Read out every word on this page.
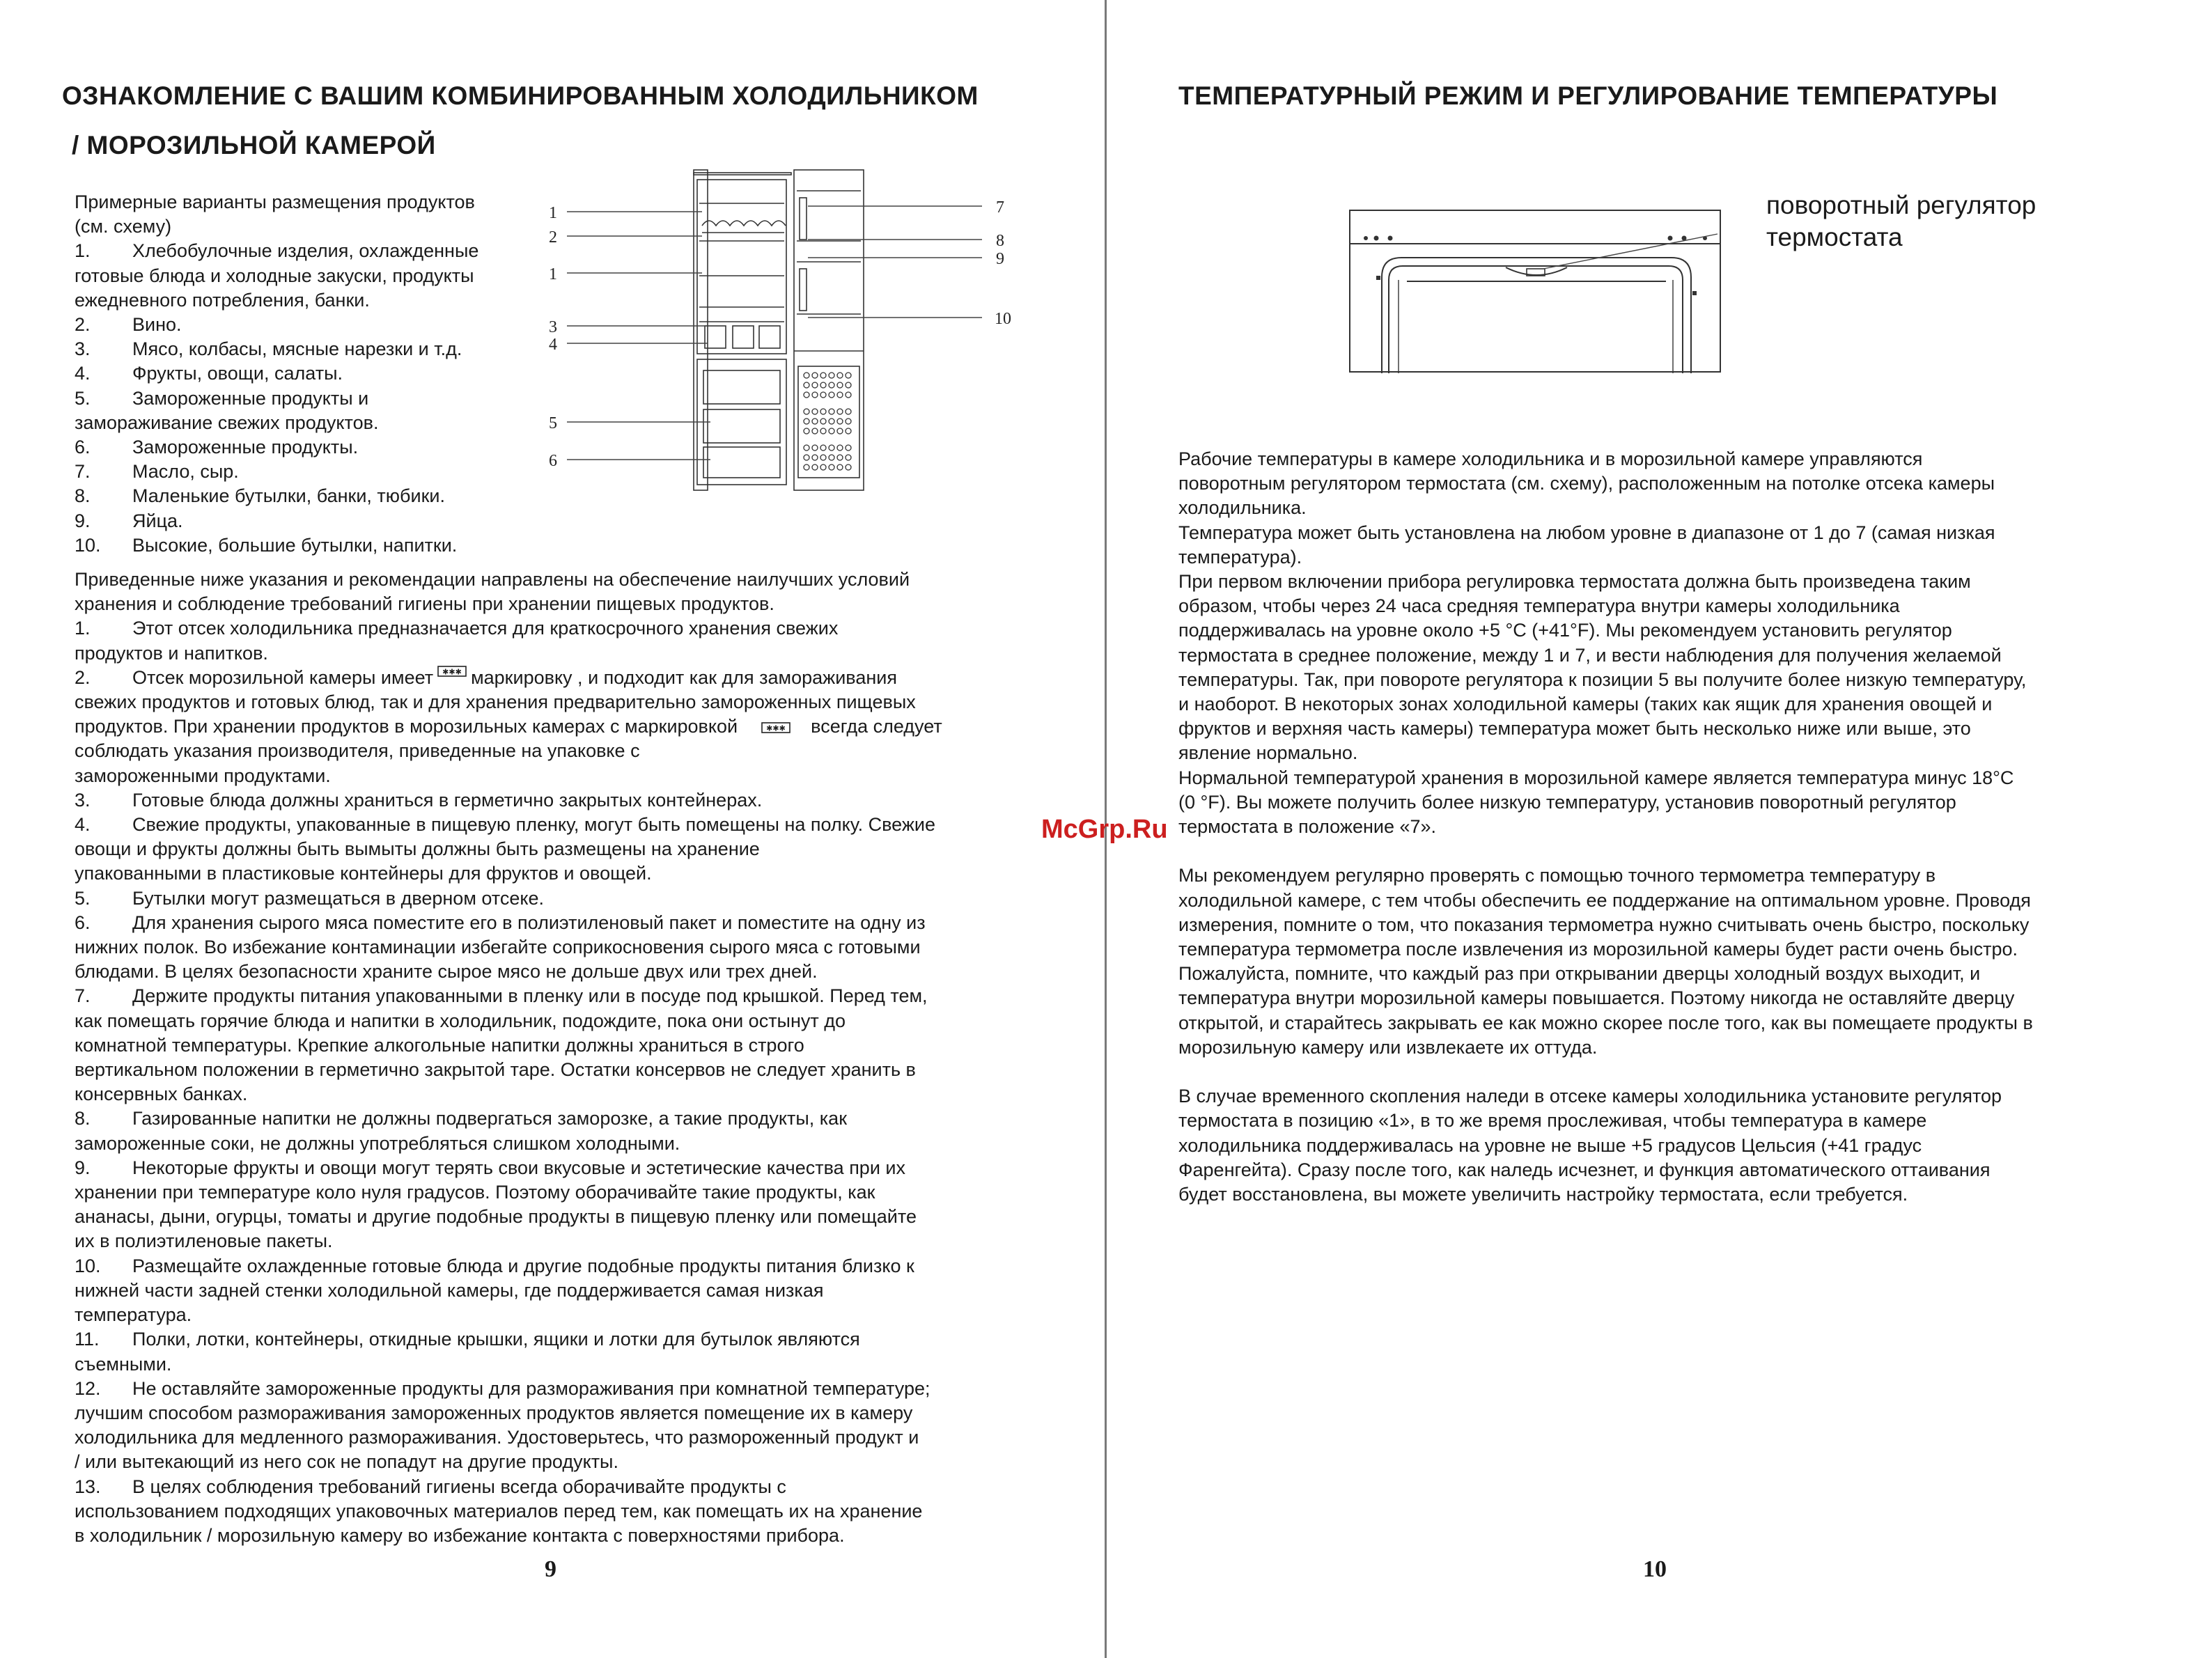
ОЗНАКОМЛЕНИЕ С ВАШИМ КОМБИНИРОВАННЫМ ХОЛОДИЛЬНИКОМ
/ МОРОЗИЛЬНОЙ КАМЕРОЙ

Примерные варианты размещения продуктов

(см. схему)

1.	Хлебобулочные изделия, охлажденные

готовые блюда и холодные закуски, продукты

ежедневного потребления, банки.

2.	Вино.
3.	Мясо, колбасы, мясные нарезки и т.д.
4.	Фрукты, овощи, салаты.
5.	Замороженные продукты и

замораживание свежих продуктов.

6.	Замороженные продукты.
7.	Масло, сыр.
8.	Маленькие бутылки, банки, тюбики.
9.	Яйца.
10.	Высокие, большие бутылки, напитки.
1
2
1
3
4
5
6
7
8
9
10

Приведенные ниже указания и рекомендации направлены на обеспечение наилучших условий

хранения и соблюдение требований гигиены при хранении пищевых продуктов.

1.	Этот отсек холодильника предназначается для краткосрочного хранения свежих

продуктов и напитков.

2.	Отсек морозильной камеры имеет ✱✱✱ маркировку , и подходит как для замораживания

свежих продуктов и готовых блюд, так и для хранения предварительно замороженных пищевых

продуктов. При хранении продуктов в морозильных камерах с маркировкой	✱✱✱ всегда следует

соблюдать указания производителя, приведенные на упаковке с

замороженными продуктами.

3.	Готовые блюда должны храниться в герметично закрытых контейнерах.
4.	Свежие продукты, упакованные в пищевую пленку, могут быть помещены на полку. Свежие

овощи и фрукты должны быть вымыты должны быть размещены на хранение

упакованными в пластиковые контейнеры для фруктов и овощей.

5.	Бутылки могут размещаться в дверном отсеке.
6.	Для хранения сырого мяса поместите его в полиэтиленовый пакет и поместите на одну из

нижних полок. Во избежание контаминации избегайте соприкосновения сырого мяса с готовыми

блюдами. В целях безопасности храните сырое мясо не дольше двух или трех дней.

7.	Держите продукты питания упакованными в пленку или в посуде под крышкой. Перед тем,

как помещать горячие блюда и напитки в холодильник, подождите, пока они остынут до

комнатной температуры. Крепкие алкогольные напитки должны храниться в строго

вертикальном положении в герметично закрытой таре. Остатки консервов не следует хранить в

консервных банках.

8.	Газированные напитки не должны подвергаться заморозке, а такие продукты, как

замороженные соки, не должны употребляться слишком холодными.

9.	Некоторые фрукты и овощи могут терять свои вкусовые и эстетические качества при их

хранении при температуре коло нуля градусов. Поэтому оборачивайте такие продукты, как

ананасы, дыни, огурцы, томаты и другие подобные продукты в пищевую пленку или помещайте

их в полиэтиленовые пакеты.

10.	Размещайте охлажденные готовые блюда и другие подобные продукты питания близко к

нижней части задней стенки холодильной камеры, где поддерживается самая низкая

температура.

11.	Полки, лотки, контейнеры, откидные крышки, ящики и лотки для бутылок являются

съемными.

12.	Не оставляйте замороженные продукты для размораживания при комнатной температуре;

лучшим способом размораживания замороженных продуктов является помещение их в камеру

холодильника для медленного размораживания. Удостоверьтесь, что размороженный продукт и

/ или вытекающий из него сок не попадут на другие продукты.

13.	В целях соблюдения требований гигиены всегда оборачивайте продукты с

использованием подходящих упаковочных материалов перед тем, как помещать их на хранение

в холодильник / морозильную камеру во избежание контакта с поверхностями прибора.

9
ТЕМПЕРАТУРНЫЙ РЕЖИМ И РЕГУЛИРОВАНИЕ ТЕМПЕРАТУРЫ
поворотный регулятор
термостата

Рабочие температуры в камере холодильника и в морозильной камере управляются

поворотным регулятором термостата (см. схему), расположенным на потолке отсека камеры

холодильника.

Температура может быть установлена на любом уровне в диапазоне от 1 до 7 (самая низкая

температура).

При первом включении прибора регулировка термостата должна быть произведена таким

образом, чтобы через 24 часа средняя температура внутри камеры холодильника

поддерживалась на уровне около +5 °С (+41°F). Мы рекомендуем установить регулятор

термостата в среднее положение, между 1 и 7, и вести наблюдения для получения желаемой

температуры. Так, при повороте регулятора к позиции 5 вы получите более низкую температуру,

и наоборот. В некоторых зонах холодильной камеры (таких как ящик для хранения овощей и

фруктов и верхняя часть камеры) температура может быть несколько ниже или выше, это

явление нормально.

Нормальной температурой хранения в морозильной камере является температура минус 18°С

(0 °F). Вы можете получить более низкую температуру, установив поворотный регулятор

термостата в положение «7».

Мы рекомендуем регулярно проверять с помощью точного термометра температуру в

холодильной камере, с тем чтобы обеспечить ее поддержание на оптимальном уровне. Проводя

измерения, помните о том, что показания термометра нужно считывать очень быстро, поскольку

температура термометра после извлечения из морозильной камеры будет расти очень быстро.

Пожалуйста, помните, что каждый раз при открывании дверцы холодный воздух выходит, и

температура внутри морозильной камеры повышается. Поэтому никогда не оставляйте дверцу

открытой, и старайтесь закрывать ее как можно скорее после того, как вы помещаете продукты в

морозильную камеру или извлекаете их оттуда.

В случае временного скопления наледи в отсеке камеры холодильника установите регулятор

термостата в позицию «1», в то же время прослеживая, чтобы температура в камере

холодильника поддерживалась на уровне не выше +5 градусов Цельсия (+41 градус

Фаренгейта). Сразу после того, как наледь исчезнет, и функция автоматического оттаивания

будет восстановлена, вы можете увеличить настройку термостата, если требуется.

10
McGrp.Ru
